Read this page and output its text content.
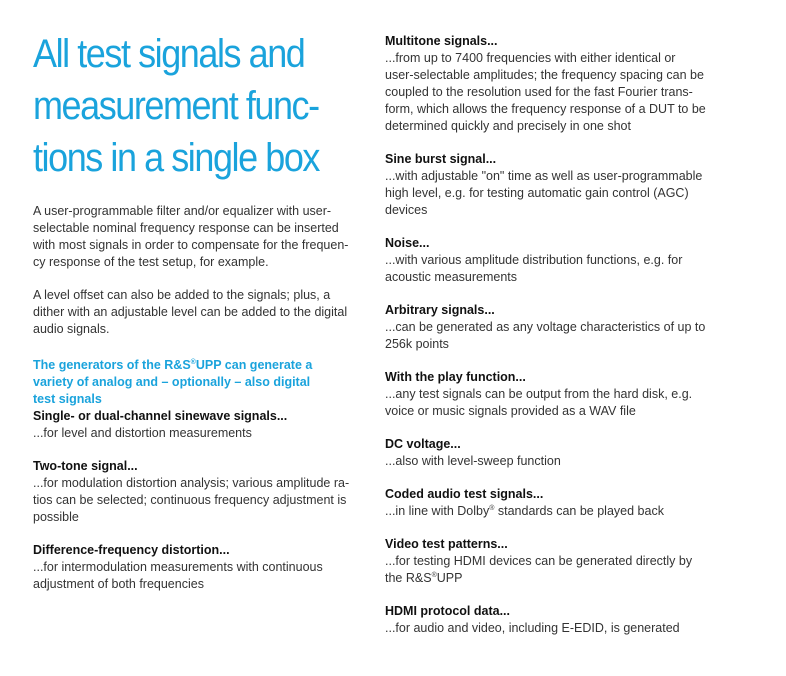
All test signals and
measurement func-
tions in a single box

A user-programmable filter and/or equalizer with user-
selectable nominal frequency response can be inserted
with most signals in order to compensate for the frequen-
cy response of the test setup, for example.

A level offset can also be added to the signals; plus, a
dither with an adjustable level can be added to the digital
audio signals.

The generators of the R&S®UPP can generate a
variety of analog and – optionally – also digital
test signals
Single- or dual-channel sinewave signals...
...for level and distortion measurements
Two-tone signal...
...for modulation distortion analysis; various amplitude ra-
tios can be selected; continuous frequency adjustment is
possible
Difference-frequency distortion...
...for intermodulation measurements with continuous
adjustment of both frequencies
Multitone signals...
...from up to 7400 frequencies with either identical or
user-selectable amplitudes; the frequency spacing can be
coupled to the resolution used for the fast Fourier trans-
form, which allows the frequency response of a DUT to be
determined quickly and precisely in one shot
Sine burst signal...
...with adjustable "on" time as well as user-programmable
high level, e.g. for testing automatic gain control (AGC)
devices
Noise...
...with various amplitude distribution functions, e.g. for
acoustic measurements
Arbitrary signals...
...can be generated as any voltage characteristics of up to
256k points
With the play function...
...any test signals can be output from the hard disk, e.g.
voice or music signals provided as a WAV file
DC voltage...
...also with level-sweep function
Coded audio test signals...
...in line with Dolby® standards can be played back
Video test patterns...
...for testing HDMI devices can be generated directly by
the R&S®UPP
HDMI protocol data...
...for audio and video, including E-EDID, is generated
